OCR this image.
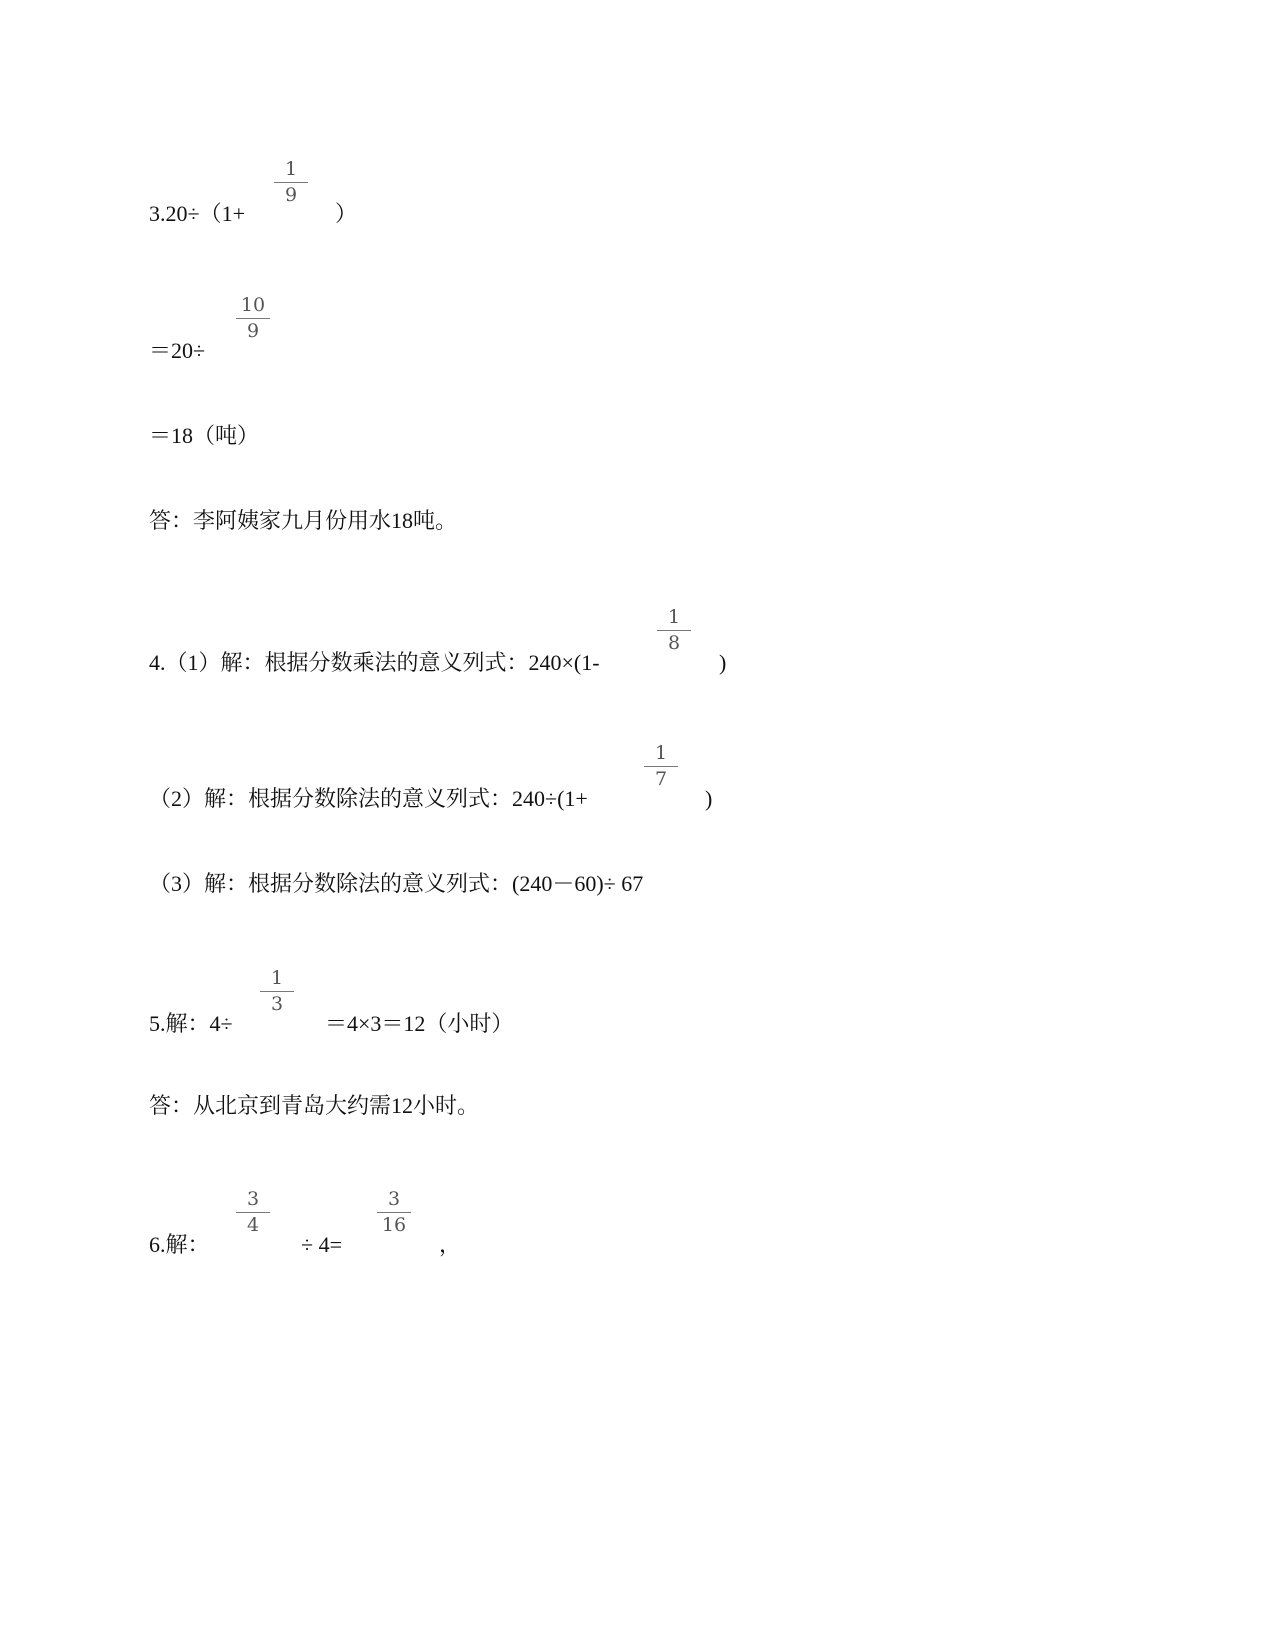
3.20÷（1+	）
$\frac{1}{9}$
＝20÷
$\frac{10}{9}$
＝18（吨）
答：李阿姨家九月份用水18吨。
4.（1）解：根据分数乘法的意义列式：240×(1-	)
$\frac{1}{8}$
（2）解：根据分数除法的意义列式：240÷(1+	)
$\frac{1}{7}$
（3）解：根据分数除法的意义列式：(240－60)÷ 67
5.解：4÷	＝4×3＝12（小时）
$\frac{1}{3}$
答：从北京到青岛大约需12小时。
6.解：	÷ 4=	，
$\frac{3}{4}$	$\frac{3}{16}$
